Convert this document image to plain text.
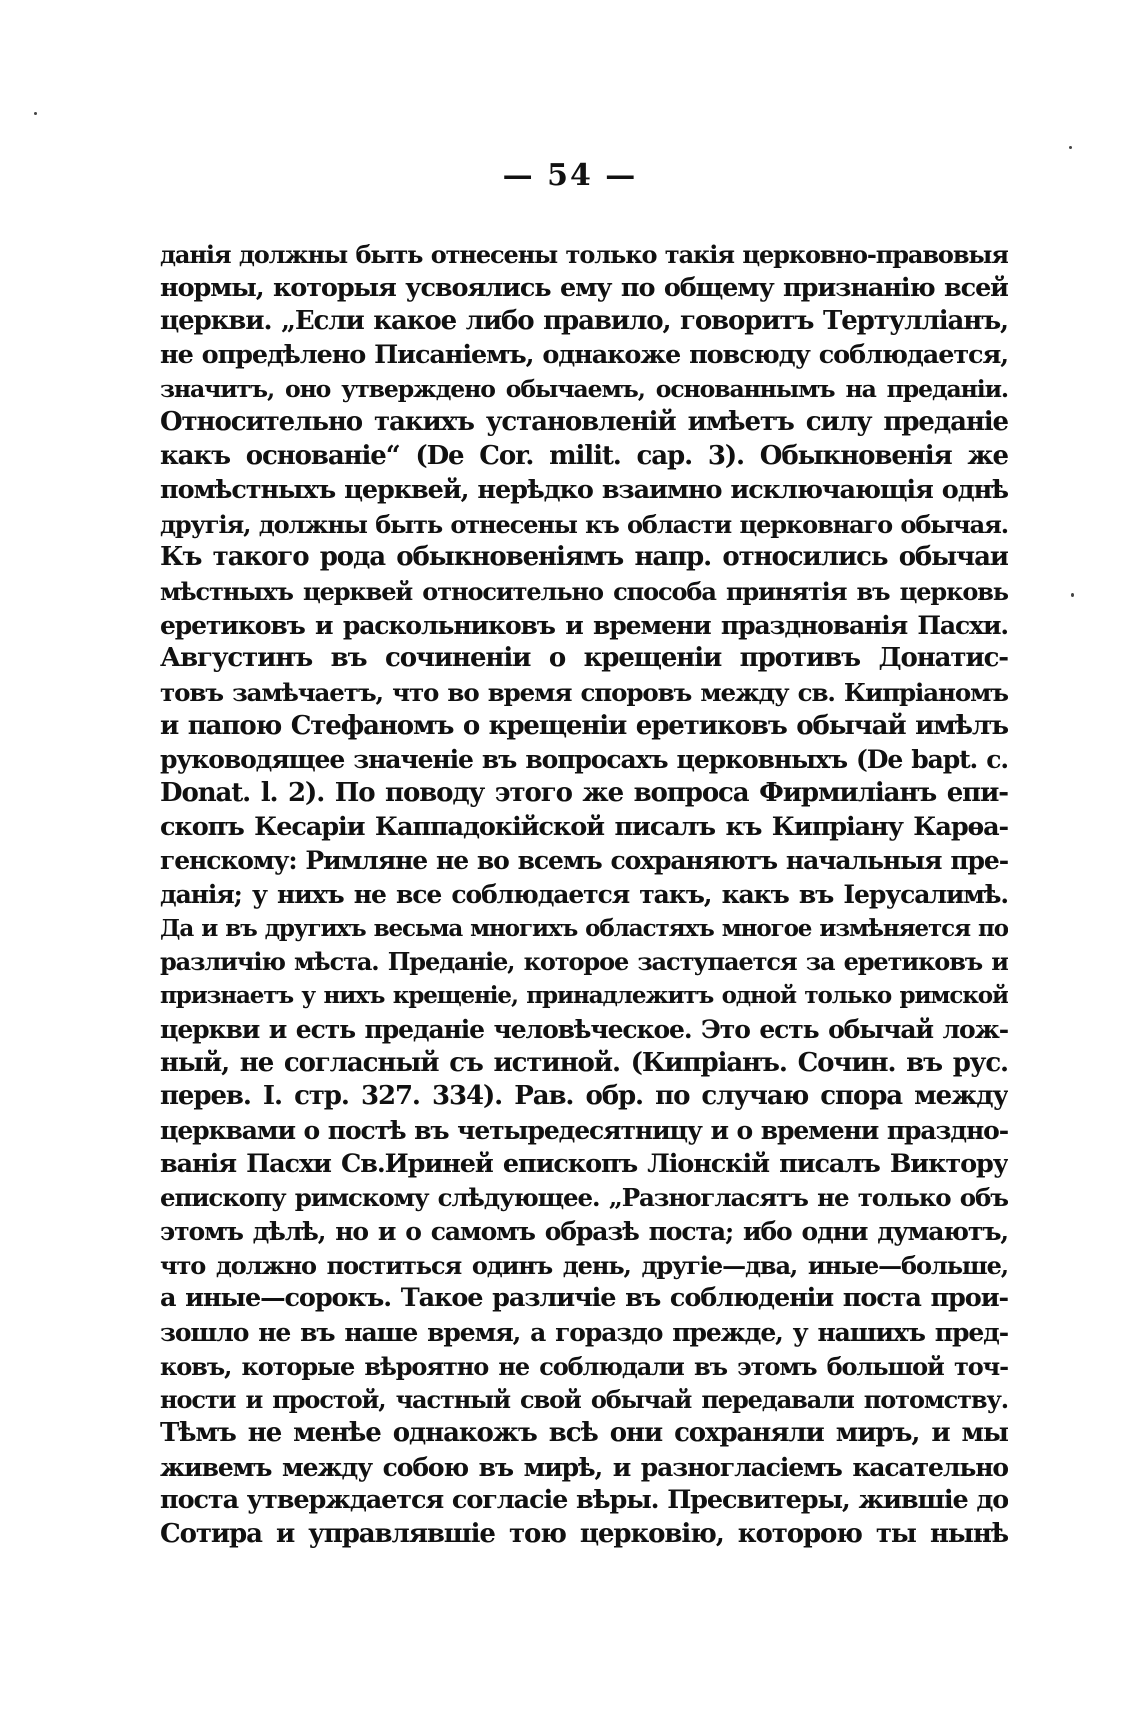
— 54 —
данія должны быть отнесены только такія церковно-правовыя
нормы, которыя усвоялись ему по общему признанію всей
церкви. „Если какое либо правило, говоритъ Тертулліанъ,
не опредѣлено Писаніемъ, однакоже повсюду соблюдается,
значитъ, оно утверждено обычаемъ, основаннымъ на преданіи.
Относительно такихъ установленій имѣетъ силу преданіе
какъ основаніе“ (De Cor. milit. cap. 3). Обыкновенія же
помѣстныхъ церквей, нерѣдко взаимно исключающія однѣ
другія, должны быть отнесены къ области церковнаго обычая.
Къ такого рода обыкновеніямъ напр. относились обычаи
мѣстныхъ церквей относительно способа принятія въ церковь
еретиковъ и раскольниковъ и времени празднованія Пасхи.
Августинъ въ сочиненіи о крещеніи противъ Донатис-
товъ замѣчаетъ, что во время споровъ между св. Кипріаномъ
и папою Стефаномъ о крещеніи еретиковъ обычай имѣлъ
руководящее значеніе въ вопросахъ церковныхъ (De bapt. c.
Donat. l. 2). По поводу этого же вопроса Фирмиліанъ епи-
скопъ Кесаріи Каппадокійской писалъ къ Кипріану Карѳа-
генскому: Римляне не во всемъ сохраняютъ начальныя пре-
данія; у нихъ не все соблюдается такъ, какъ въ Іерусалимѣ.
Да и въ другихъ весьма многихъ областяхъ многое измѣняется по
различію мѣста. Преданіе, которое заступается за еретиковъ и
признаетъ у нихъ крещеніе, принадлежитъ одной только римской
церкви и есть преданіе человѣческое. Это есть обычай лож-
ный, не согласный съ истиной. (Кипріанъ. Сочин. въ рус.
перев. I. стр. 327. 334). Рав. обр. по случаю спора между
церквами о постѣ въ четыредесятницу и о времени праздно-
ванія Пасхи Св.Ириней епископъ Ліонскій писалъ Виктору
епископу римскому слѣдующее. „Разногласятъ не только объ
этомъ дѣлѣ, но и о самомъ образѣ поста; ибо одни думаютъ,
что должно поститься одинъ день, другіе—два, иные—больше,
а иные—сорокъ. Такое различіе въ соблюденіи поста прои-
зошло не въ наше время, а гораздо прежде, у нашихъ пред-
ковъ, которые вѣроятно не соблюдали въ этомъ большой точ-
ности и простой, частный свой обычай передавали потомству.
Тѣмъ не менѣе однакожъ всѣ они сохраняли миръ, и мы
живемъ между собою въ мирѣ, и разногласіемъ касательно
поста утверждается согласіе вѣры. Пресвитеры, жившіе до
Сотира и управлявшіе тою церковію, которою ты нынѣ
